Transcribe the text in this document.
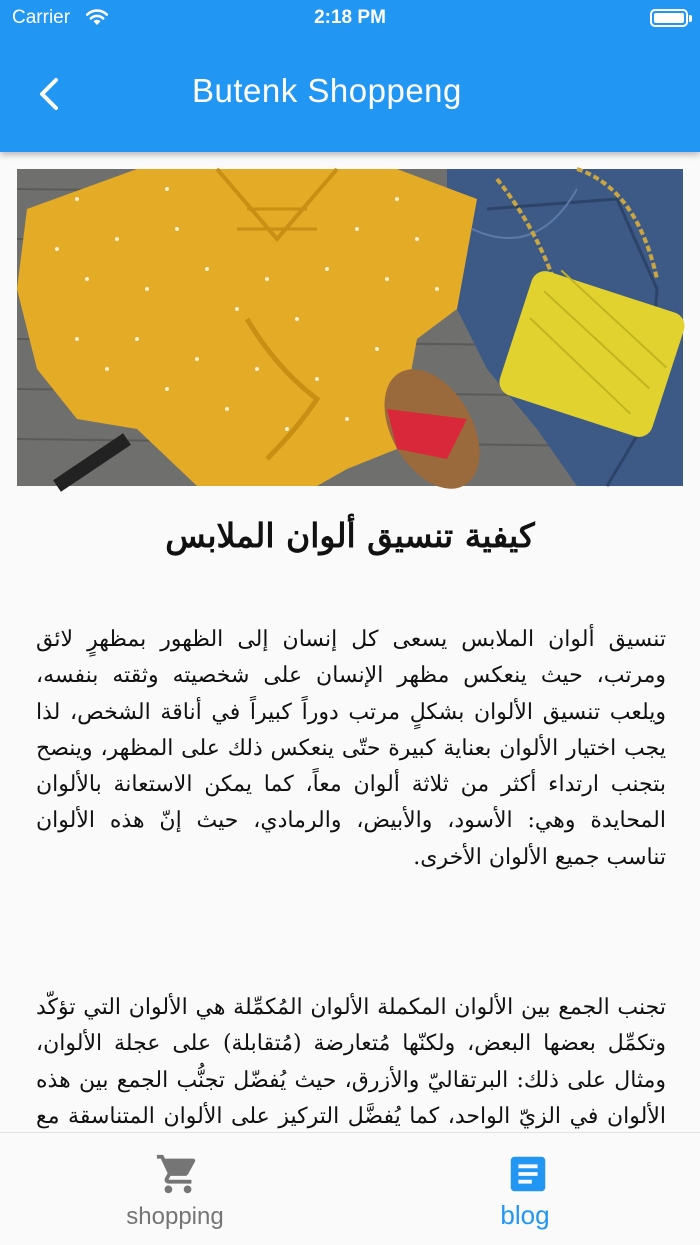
Carrier	2:18 PM
Butenk Shoppeng
كيفية تنسيق ألوان الملابس

تنسيق ألوان الملابس يسعى كل إنسان إلى الظهور بمظهرٍ لائق ومرتب، حيث ينعكس مظهر الإنسان على شخصيته وثقته بنفسه، ويلعب تنسيق الألوان بشكلٍ مرتب دوراً كبيراً في أناقة الشخص، لذا يجب اختيار الألوان بعناية كبيرة حتّى ينعكس ذلك على المظهر، وينصح بتجنب ارتداء أكثر من ثلاثة ألوان معاً، كما يمكن الاستعانة بالألوان المحايدة وهي: الأسود، والأبيض، والرمادي، حيث إنّ هذه الألوان تناسب جميع الألوان الأخرى.

تجنب الجمع بين الألوان المكملة الألوان المُكمِّلة هي الألوان التي تؤكّد وتكمِّل بعضها البعض، ولكنّها مُتعارضة (مُتقابلة) على عجلة الألوان، ومثال على ذلك: البرتقاليّ والأزرق، حيث يُفضّل تجنُّب الجمع بين هذه الألوان في الزيّ الواحد، كما يُفضَّل التركيز على الألوان المتناسقة مع

shopping	blog
